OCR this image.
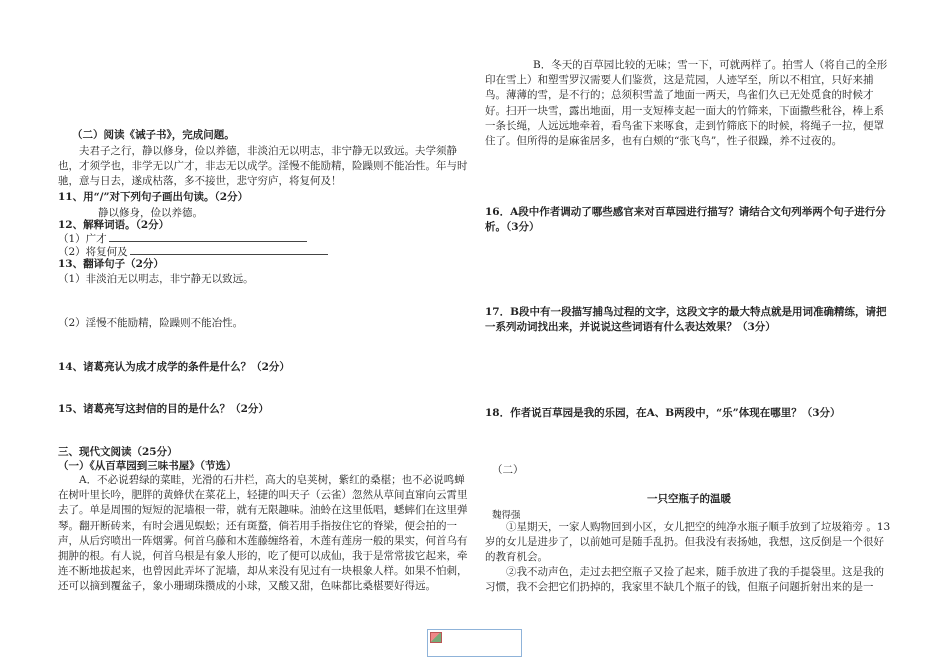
（二）阅读《诫子书》，完成问题。
夫君子之行，静以修身，俭以养德，非淡泊无以明志，非宁静无以致远。夫学须静也，才须学也，非学无以广才，非志无以成学。淫慢不能励精，险躁则不能冶性。年与时驰，意与日去，遂成枯落，多不接世，悲守穷庐，将复何及！
11、用“/”对下列句子画出句读。（2分）
静以修身，俭以养德。
12、解释词语。（2分）
（1）广才
（2）将复何及
13、翻译句子（2分）
（1）非淡泊无以明志，非宁静无以致远。
（2）淫慢不能励精，险躁则不能冶性。
14、诸葛亮认为成才成学的条件是什么？（2分）
15、诸葛亮写这封信的目的是什么？（2分）
三、现代文阅读（25分）
（一）《从百草园到三味书屋》（节选）
A．不必说碧绿的菜畦，光滑的石井栏，高大的皂荚树，紫红的桑椹；也不必说鸣蝉在树叶里长吟，肥胖的黄蜂伏在菜花上，轻捷的叫天子（云雀）忽然从草间直窜向云霄里去了。单是周围的短短的泥墙根一带，就有无限趣味。油蛉在这里低唱，蟋蟀们在这里弹琴。翻开断砖来，有时会遇见蜈蚣；还有斑蝥，倘若用手指按住它的脊梁，便会拍的一声，从后窍喷出一阵烟雾。何首乌藤和木莲藤缠络着，木莲有莲房一般的果实，何首乌有拥肿的根。有人说，何首乌根是有象人形的，吃了便可以成仙，我于是常常拔它起来，牵连不断地拔起来，也曾因此弄坏了泥墙，却从来没有见过有一块根象人样。如果不怕刺，还可以摘到覆盆子，象小珊瑚珠攒成的小球，又酸又甜，色味都比桑椹要好得远。
B．冬天的百草园比较的无味；雪一下，可就两样了。拍雪人（将自己的全形印在雪上）和塑雪罗汉需要人们鉴赏，这是荒园，人迹罕至，所以不相宜，只好来捕鸟。薄薄的雪，是不行的；总须积雪盖了地面一两天，鸟雀们久已无处觅食的时候才好。扫开一块雪，露出地面，用一支短棒支起一面大的竹筛来，下面撒些秕谷，棒上系一条长绳，人远远地牵着，看鸟雀下来啄食，走到竹筛底下的时候，将绳子一拉，便罩住了。但所得的是麻雀居多，也有白颊的“张飞鸟”，性子很躁，养不过夜的。
16．A段中作者调动了哪些感官来对百草园进行描写？请结合文句列举两个句子进行分析。（3分）
17．B段中有一段描写捕鸟过程的文字，这段文字的最大特点就是用词准确精练，请把一系列动词找出来，并说说这些词语有什么表达效果？（3分）
18．作者说百草园是我的乐园，在A、B两段中，“乐”体现在哪里？（3分）
（二）
一只空瓶子的温暖
魏得强
①星期天，一家人购物回到小区，女儿把空的纯净水瓶子顺手放到了垃圾箱旁 。13岁的女儿是进步了，以前她可是随手乱扔。但我没有表扬她，我想，这反倒是一个很好的教育机会。
②我不动声色，走过去把空瓶子又捡了起来，随手放进了我的手提袋里。这是我的习惯，我不会把它们扔掉的，我家里不缺几个瓶子的钱，但瓶子问题折射出来的是一
